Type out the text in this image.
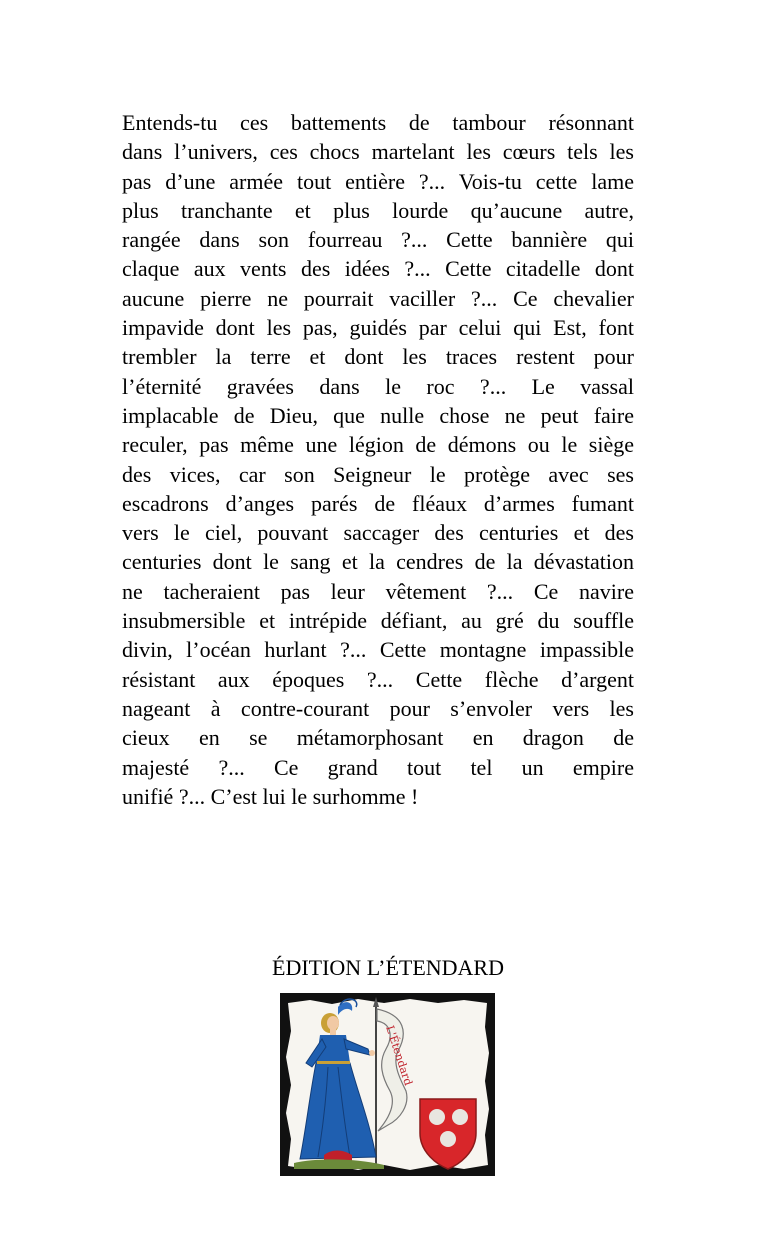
Entends-tu ces battements de tambour résonnant
dans l’univers, ces chocs martelant les cœurs tels les
pas d’une armée tout entière ?... Vois-tu cette lame
plus tranchante et plus lourde qu’aucune autre,
rangée dans son fourreau ?... Cette bannière qui
claque aux vents des idées ?... Cette citadelle dont
aucune pierre ne pourrait vaciller ?... Ce chevalier
impavide dont les pas, guidés par celui qui Est, font
trembler la terre et dont les traces restent pour
l’éternité gravées dans le roc ?... Le vassal
implacable de Dieu, que nulle chose ne peut faire
reculer, pas même une légion de démons ou le siège
des vices, car son Seigneur le protège avec ses
escadrons d’anges parés de fléaux d’armes fumant
vers le ciel, pouvant saccager des centuries et des
centuries dont le sang et la cendres de la dévastation
ne tacheraient pas leur vêtement ?... Ce navire
insubmersible et intrépide défiant, au gré du souffle
divin, l’océan hurlant ?... Cette montagne impassible
résistant aux époques ?... Cette flèche d’argent
nageant à contre-courant pour s’envoler vers les
cieux en se métamorphosant en dragon de
majesté ?... Ce grand tout tel un empire
unifié ?... C’est lui le surhomme !
ÉDITION L’ÉTENDARD
L'Étendard
